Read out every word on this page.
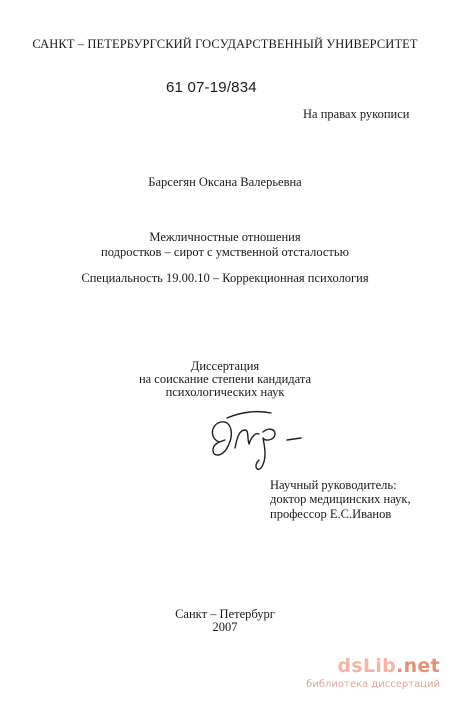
САНКТ – ПЕТЕРБУРГСКИЙ ГОСУДАРСТВЕННЫЙ УНИВЕРСИТЕТ
61 07-19/834
На правах рукописи
Барсегян Оксана Валерьевна
Межличностные отношения
подростков – сирот с умственной отсталостью
Специальность 19.00.10 – Коррекционная психология
Диссертация
на соискание степени кандидата
психологических наук
Научный руководитель:
доктор медицинских наук,
профессор Е.С.Иванов
Санкт – Петербург
2007
dsLib.net
библиотека диссертаций
